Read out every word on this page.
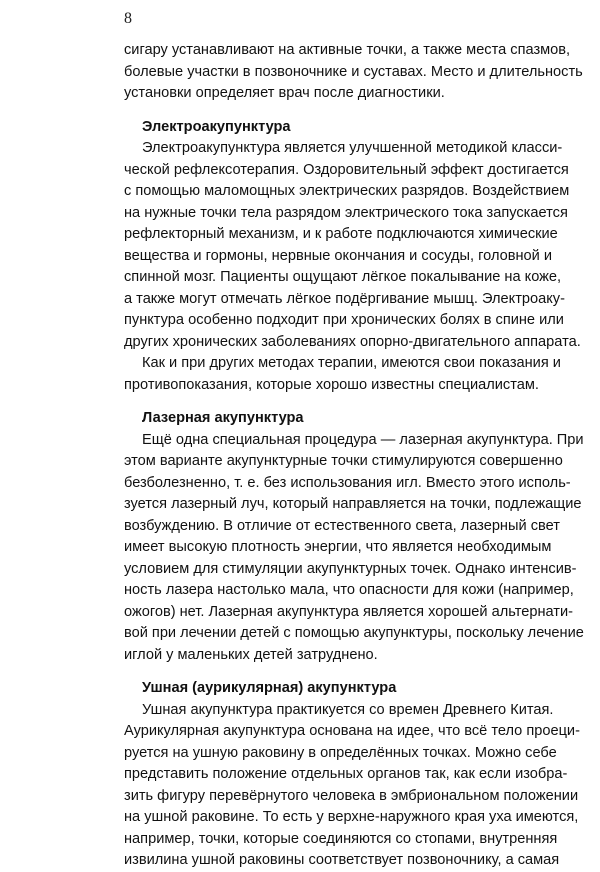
8
сигару устанавливают на активные точки, а также места спазмов,
болевые участки в позвоночнике и суставах. Место и длительность
установки определяет врач после диагностики.
Электроакупунктура
Электроакупунктура является улучшенной методикой класси-
ческой рефлексотерапия. Оздоровительный эффект достигается
с помощью маломощных электрических разрядов. Воздействием
на нужные точки тела разрядом электрического тока запускается
рефлекторный механизм, и к работе подключаются химические
вещества и гормоны, нервные окончания и сосуды, головной и
спинной мозг. Пациенты ощущают лёгкое покалывание на коже,
а также могут отмечать лёгкое подёргивание мышц. Электроаку-
пунктура особенно подходит при хронических болях в спине или
других хронических заболеваниях опорно-двигательного аппарата.
Как и при других методах терапии, имеются свои показания и
противопоказания, которые хорошо известны специалистам.
Лазерная акупунктура
Ещё одна специальная процедура — лазерная акупунктура. При
этом варианте акупунктурные точки стимулируются совершенно
безболезненно, т. е. без использования игл. Вместо этого исполь-
зуется лазерный луч, который направляется на точки, подлежащие
возбуждению. В отличие от естественного света, лазерный свет
имеет высокую плотность энергии, что является необходимым
условием для стимуляции акупунктурных точек. Однако интенсив-
ность лазера настолько мала, что опасности для кожи (например,
ожогов) нет. Лазерная акупунктура является хорошей альтернати-
вой при лечении детей с помощью акупунктуры, поскольку лечение
иглой у маленьких детей затруднено.
Ушная (аурикулярная) акупунктура
Ушная акупунктура практикуется со времен Древнего Китая.
Аурикулярная акупунктура основана на идее, что всё тело проеци-
руется на ушную раковину в определённых точках. Можно себе
представить положение отдельных органов так, как если изобра-
зить фигуру перевёрнутого человека в эмбриональном положении
на ушной раковине. То есть у верхне-наружного края уха имеются,
например, точки, которые соединяются со стопами, внутренняя
извилина ушной раковины соответствует позвоночнику, а самая
